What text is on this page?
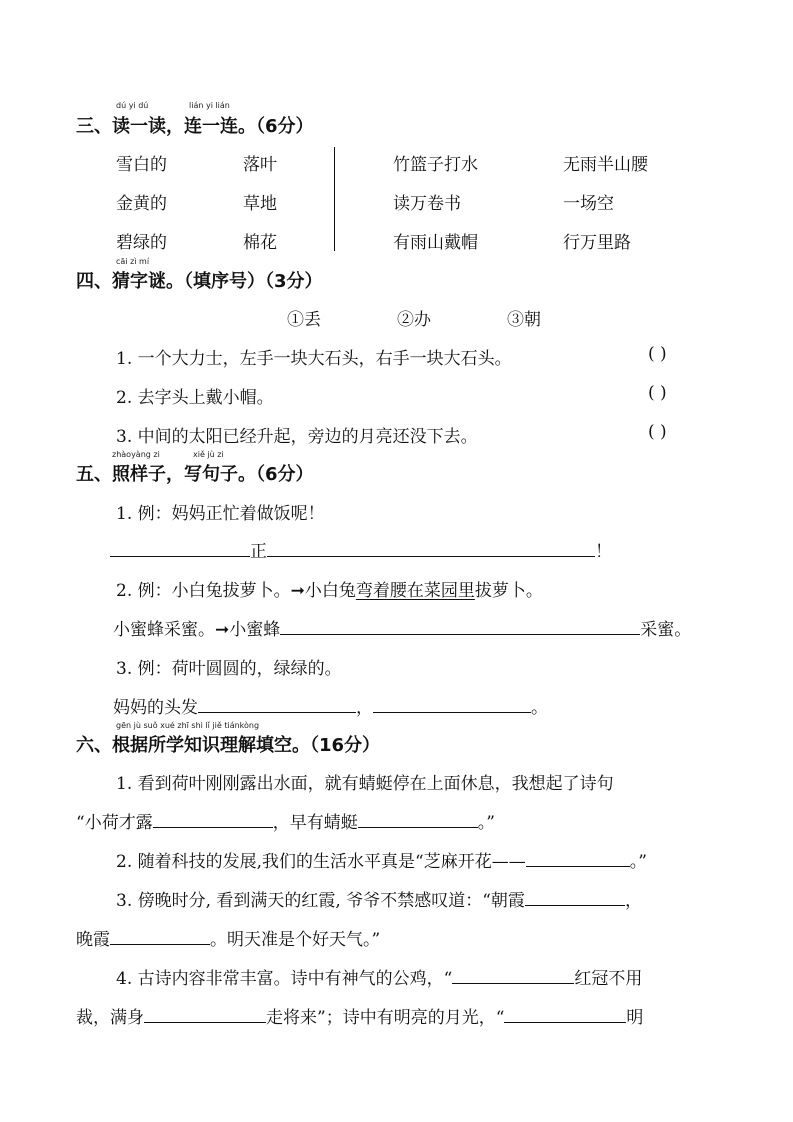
dú yi dú	lián yi lián
三、读一读，连一连。（6分）
雪白的	落叶
金黄的	草地
碧绿的	棉花
竹篮子打水	无雨半山腰
读万卷书	一场空
有雨山戴帽	行万里路
cāi zì mí
四、猜字谜。（填序号）（3分）
①丢	②办	③朝
1. 一个大力士，左手一块大石头，右手一块大石头。	( )
2. 去字头上戴小帽。	( )
3. 中间的太阳已经升起，旁边的月亮还没下去。	( )
zhàoyàng zi	xiě jù zi
五、照样子，写句子。（6分）
1. 例：妈妈正忙着做饭呢！
正	！
2. 例：小白兔拔萝卜。➞小白兔弯着腰在菜园里拔萝卜。
小蜜蜂采蜜。➞小蜜蜂	采蜜。
3. 例：荷叶圆圆的，绿绿的。
妈妈的头发	，	。
gēn jù suǒ xué zhī shi lǐ jiě tiánkòng
六、根据所学知识理解填空。（16分）
1. 看到荷叶刚刚露出水面，就有蜻蜓停在上面休息，我想起了诗句
“小荷才露	，早有蜻蜓	。”
2. 随着科技的发展,我们的生活水平真是“芝麻开花——	。”
3. 傍晚时分, 看到满天的红霞, 爷爷不禁感叹道：“朝霞	，
晚霞	。明天准是个好天气。”
4. 古诗内容非常丰富。诗中有神气的公鸡，“	红冠不用
裁，满身	走将来”；诗中有明亮的月光，“	明
